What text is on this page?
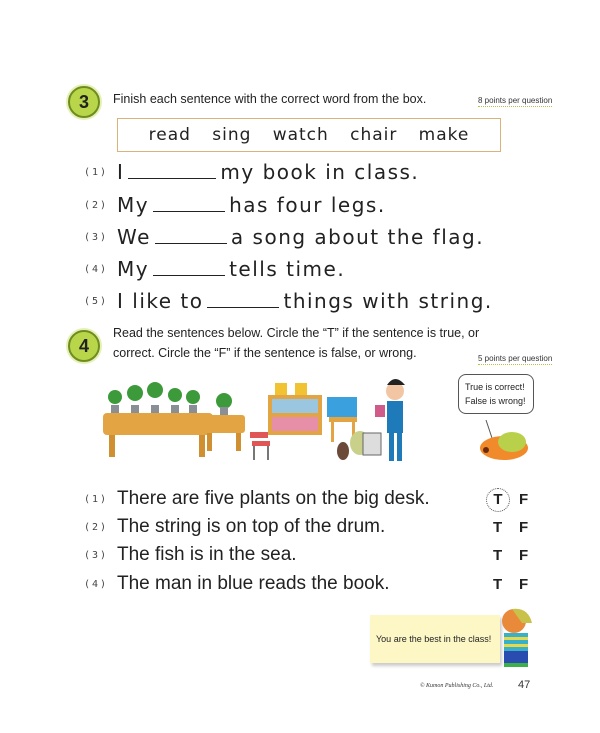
3	Finish each sentence with the correct word from the box.	8 points per question
read sing watch chair make
(1) I	my book in class.
(2) My	has four legs.
(3) We	a song about the flag.
(4) My	tells time.
(5) I like to	things with string.
4
Read the sentences below. Circle the “T” if the sentence is true, or
correct. Circle the “F” if the sentence is false, or wrong.	5 points per question
True is correct!
False is wrong!
(1) There are five plants on the big desk.	T	F
(2) The string is on top of the drum.	T F
(3) The fish is in the sea.	T F
(4) The man in blue reads the book.	T F
You are the best in the class!
© Kumon Publishing Co., Ltd. 47
